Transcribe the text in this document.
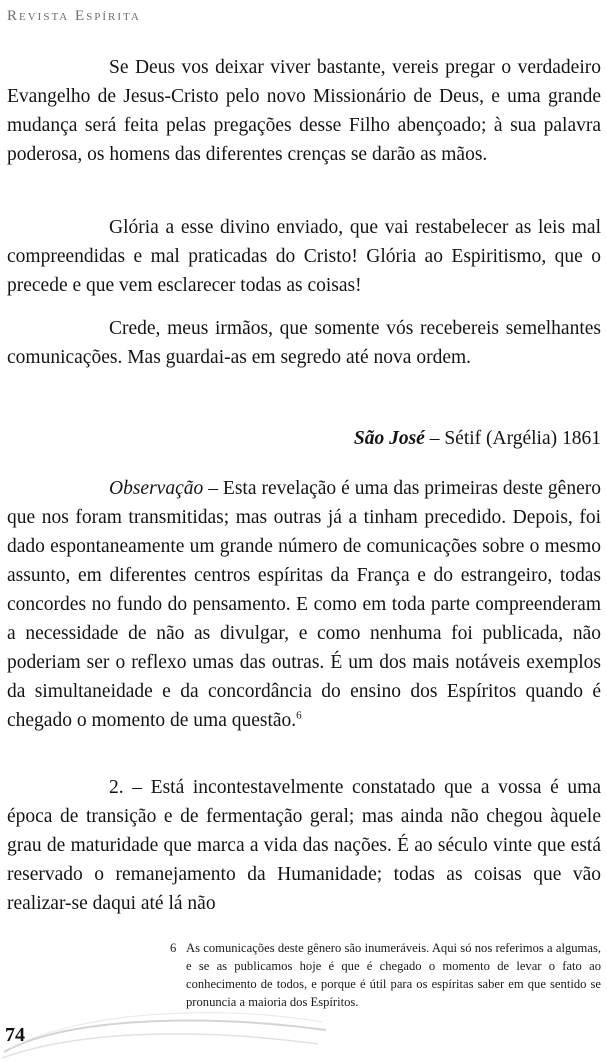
Revista Espírita

Se Deus vos deixar viver bastante, vereis pregar o verdadeiro Evangelho de Jesus-Cristo pelo novo Missionário de Deus, e uma grande mudança será feita pelas pregações desse Filho abençoado; à sua palavra poderosa, os homens das diferentes crenças se darão as mãos.

Glória a esse divino enviado, que vai restabelecer as leis mal compreendidas e mal praticadas do Cristo! Glória ao Espiritismo, que o precede e que vem esclarecer todas as coisas!

Crede, meus irmãos, que somente vós recebereis semelhantes comunicações. Mas guardai-as em segredo até nova ordem.

São José – Sétif (Argélia) 1861

Observação – Esta revelação é uma das primeiras deste gênero que nos foram transmitidas; mas outras já a tinham precedido. Depois, foi dado espontaneamente um grande número de comunicações sobre o mesmo assunto, em diferentes centros espíritas da França e do estrangeiro, todas concordes no fundo do pensamento. E como em toda parte compreenderam a necessidade de não as divulgar, e como nenhuma foi publicada, não poderiam ser o reflexo umas das outras. É um dos mais notáveis exemplos da simultaneidade e da concordância do ensino dos Espíritos quando é chegado o momento de uma questão.$^6$

2. – Está incontestavelmente constatado que a vossa é uma época de transição e de fermentação geral; mas ainda não chegou àquele grau de maturidade que marca a vida das nações. É ao século vinte que está reservado o remanejamento da Humanidade; todas as coisas que vão realizar-se daqui até lá não

6 As comunicações deste gênero são inumeráveis. Aqui só nos referimos a algumas, e se as publicamos hoje é que é chegado o momento de levar o fato ao conhecimento de todos, e porque é útil para os espíritas saber em que sentido se pronuncia a maioria dos Espíritos.
74
